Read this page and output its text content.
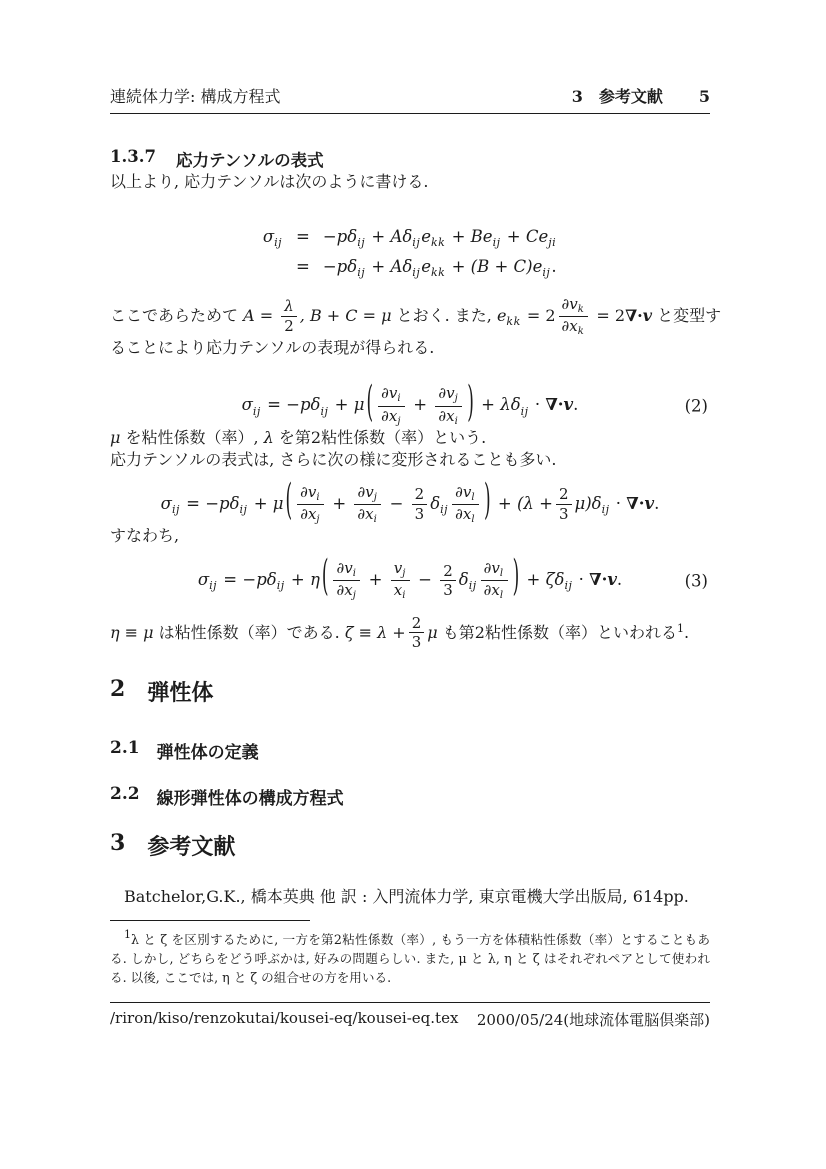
連続体力学: 構成方程式	3　参考文献 5
1.3.7 応力テンソルの表式

以上より, 応力テンソルは次のように書ける.

$\sigma_{ij}$	=	$-p\delta_{ij} + A\delta_{ij}e_{kk} + Be_{ij} + Ce_{ji}$
	=	$-p\delta_{ij} + A\delta_{ij}e_{kk} + (B + C)e_{ij}$.
ここであらためて $A = \frac{\lambda}{2}$ , B + C = μ とおく. また, $e_{kk} = 2 \frac{\partial v_k}{\partial x_k} = 2\nabla\cdot v$ と変型す

ることにより応力テンソルの表現が得られる.

$\sigma_{ij} = -p\delta_{ij} + \mu$ ( $\frac{\partial v_i}{\partial x_j} + \frac{\partial v_j}{\partial x_i}$ ) + $\lambda\delta_{ij} \cdot \nabla\cdot v$.	(2)

μ を粘性係数（率）, λ を第2粘性係数（率）という.

応力テンソルの表式は, さらに次の様に変形されることも多い.

$\sigma_{ij} = -p\delta_{ij} + \mu$ ( $\frac{\partial v_i}{\partial x_j} + \frac{\partial v_j}{\partial x_i} - \frac{2}{3} \delta_{ij} \frac{\partial v_l}{\partial x_l}$ ) + $(\lambda + \frac{2}{3} \mu)\delta_{ij} \cdot \nabla\cdot v$.

すなわち,

$\sigma_{ij} = -p\delta_{ij} + \eta$ ( $\frac{\partial v_i}{\partial x_j} + \frac{v_j}{x_i} - \frac{2}{3} \delta_{ij} \frac{\partial v_l}{\partial x_l}$ ) + $\zeta\delta_{ij} \cdot \nabla\cdot v$.	(3)
η ≡ μ は粘性係数（率）である. $\zeta \equiv \lambda + \frac{2}{3}$ μ も第2粘性係数（率）といわれる$^1$.
2 弾性体
2.1 弾性体の定義
2.2 線形弾性体の構成方程式
3 参考文献

Batchelor,G.K., 橋本英典 他 訳 : 入門流体力学, 東京電機大学出版局, 614pp.

$^1$λ と ζ を区別するために, 一方を第2粘性係数（率）, もう一方を体積粘性係数（率）とすることもある. しかし, どちらをどう呼ぶかは, 好みの問題らしい. また, μ と λ, η と ζ はそれぞれペアとして使われる. 以後, ここでは, η と ζ の組合せの方を用いる.

/riron/kiso/renzokutai/kousei-eq/kousei-eq.tex 2000/05/24(地球流体電脳倶楽部)
